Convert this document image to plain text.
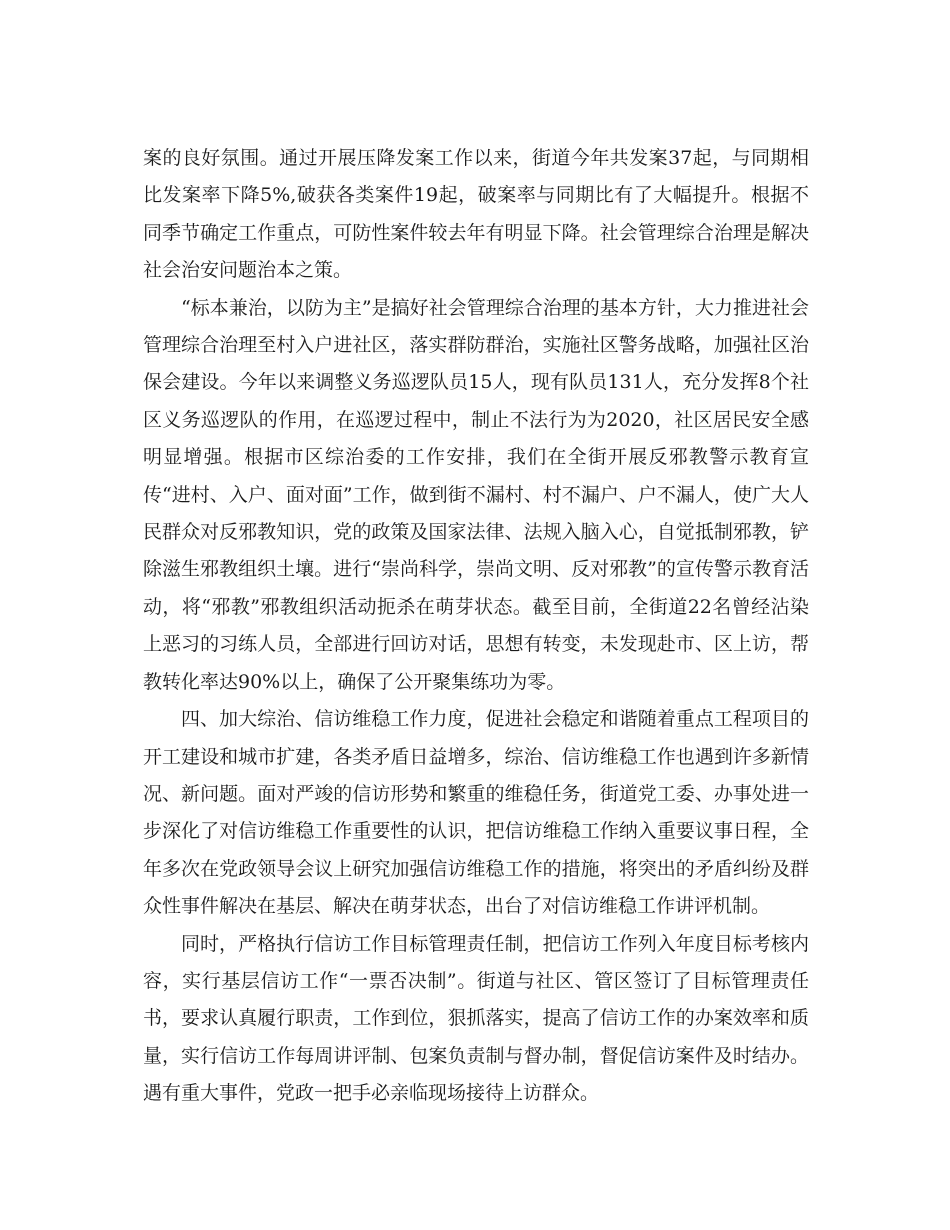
案的良好氛围。通过开展压降发案工作以来，街道今年共发案37起，与同期相比发案率下降5%,破获各类案件19起，破案率与同期比有了大幅提升。根据不同季节确定工作重点，可防性案件较去年有明显下降。社会管理综合治理是解决社会治安问题治本之策。

“标本兼治，以防为主”是搞好社会管理综合治理的基本方针，大力推进社会管理综合治理至村入户进社区，落实群防群治，实施社区警务战略，加强社区治保会建设。今年以来调整义务巡逻队员15人，现有队员131人，充分发挥8个社区义务巡逻队的作用，在巡逻过程中，制止不法行为为2020，社区居民安全感明显增强。根据市区综治委的工作安排，我们在全街开展反邪教警示教育宣传“进村、入户、面对面”工作，做到街不漏村、村不漏户、户不漏人，使广大人民群众对反邪教知识，党的政策及国家法律、法规入脑入心，自觉抵制邪教，铲除滋生邪教组织土壤。进行“崇尚科学，崇尚文明、反对邪教”的宣传警示教育活动，将“邪教”邪教组织活动扼杀在萌芽状态。截至目前，全街道22名曾经沾染上恶习的习练人员，全部进行回访对话，思想有转变，未发现赴市、区上访，帮教转化率达90%以上，确保了公开聚集练功为零。

四、加大综治、信访维稳工作力度，促进社会稳定和谐随着重点工程项目的开工建设和城市扩建，各类矛盾日益增多，综治、信访维稳工作也遇到许多新情况、新问题。面对严竣的信访形势和繁重的维稳任务，街道党工委、办事处进一步深化了对信访维稳工作重要性的认识，把信访维稳工作纳入重要议事日程，全年多次在党政领导会议上研究加强信访维稳工作的措施，将突出的矛盾纠纷及群众性事件解决在基层、解决在萌芽状态，出台了对信访维稳工作讲评机制。

同时，严格执行信访工作目标管理责任制，把信访工作列入年度目标考核内容，实行基层信访工作“一票否决制”。街道与社区、管区签订了目标管理责任书，要求认真履行职责，工作到位，狠抓落实，提高了信访工作的办案效率和质量，实行信访工作每周讲评制、包案负责制与督办制，督促信访案件及时结办。遇有重大事件，党政一把手必亲临现场接待上访群众。
